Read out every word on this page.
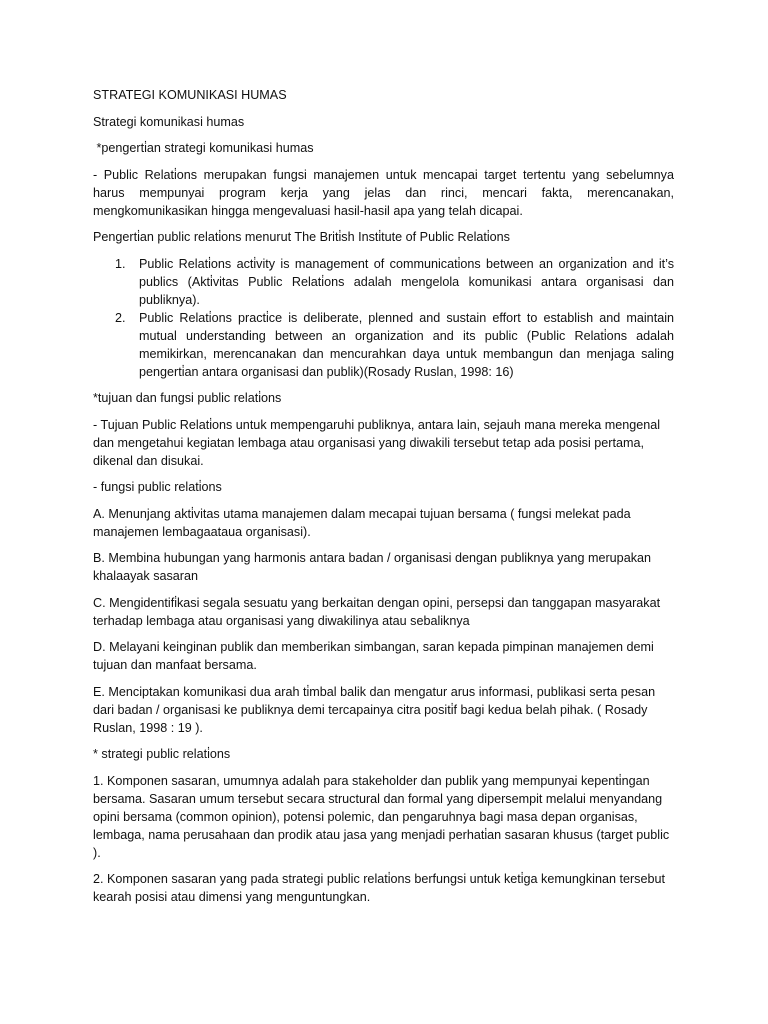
STRATEGI KOMUNIKASI HUMAS
Strategi komunikasi humas
*pengerti̇an strategi komunikasi humas
- Public Relati̇ons merupakan fungsi manajemen untuk mencapai target tertentu yang sebelumnya harus mempunyai program kerja yang jelas dan rinci, mencari fakta, merencanakan, mengkomunikasikan hingga mengevaluasi hasil-hasil apa yang telah dicapai.
Pengerti̇an public relati̇ons menurut The Briti̇sh Insti̇tute of Public Relati̇ons
1. Public Relati̇ons acti̇vity is management of communicati̇ons between an organizati̇on and it’s publics (Akti̇vitas Public Relati̇ons adalah mengelola komunikasi antara organisasi dan publiknya).
2. Public Relati̇ons practi̇ce is deliberate, plenned and sustain effort to establish and maintain mutual understanding between an organization and its public (Public Relati̇ons adalah memikirkan, merencanakan dan mencurahkan daya untuk membangun dan menjaga saling pengerti̇an antara organisasi dan publik)(Rosady Ruslan, 1998: 16)
*tujuan dan fungsi public relati̇ons
- Tujuan Public Relati̇ons untuk mempengaruhi publiknya, antara lain, sejauh mana mereka mengenal dan mengetahui kegiatan lembaga atau organisasi yang diwakili tersebut tetap ada posisi pertama, dikenal dan disukai.
- fungsi public relati̇ons
A. Menunjang akti̇vitas utama manajemen dalam mecapai tujuan bersama ( fungsi melekat pada manajemen lembagaataua organisasi).
B. Membina hubungan yang harmonis antara badan / organisasi dengan publiknya yang merupakan khalaayak sasaran
C. Mengidentifi̇kasi segala sesuatu yang berkaitan dengan opini, persepsi dan tanggapan masyarakat terhadap lembaga atau organisasi yang diwakilinya atau sebaliknya
D. Melayani keinginan publik dan memberikan simbangan, saran kepada pimpinan manajemen demi tujuan dan manfaat bersama.
E. Menciptakan komunikasi dua arah ti̇mbal balik dan mengatur arus informasi, publikasi serta pesan dari badan / organisasi ke publiknya demi tercapainya citra positi̇f bagi kedua belah pihak. ( Rosady Ruslan, 1998 : 19 ).
* strategi public relati̇ons
1. Komponen sasaran, umumnya adalah para stakeholder dan publik yang mempunyai kepenti̇ngan bersama. Sasaran umum tersebut secara structural dan formal yang dipersempit melalui menyandang opini bersama (common opinion), potensi polemic, dan pengaruhnya bagi masa depan organisas, lembaga, nama perusahaan dan prodik atau jasa yang menjadi perhati̇an sasaran khusus (target public ).
2. Komponen sasaran yang pada strategi public relati̇ons berfungsi untuk keti̇ga kemungkinan tersebut kearah posisi atau dimensi yang menguntungkan.
